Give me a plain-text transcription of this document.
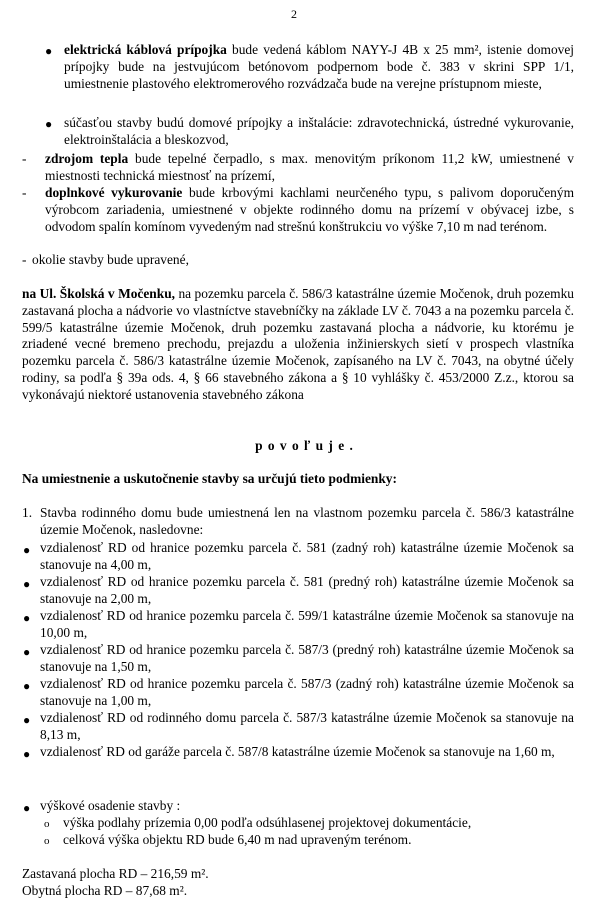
2
● elektrická káblová prípojka bude vedená káblom NAYY-J 4B x 25 mm², istenie domovej prípojky bude na jestvujúcom betónovom podpernom bode č. 383 v skrini SPP 1/1, umiestnenie plastového elektromerového rozvádzača bude na verejne prístupnom mieste,
● súčasťou stavby budú domové prípojky a inštalácie: zdravotechnická, ústredné vykurovanie, elektroinštalácia a bleskozvod,
- zdrojom tepla bude tepelné čerpadlo, s max. menovitým príkonom 11,2 kW, umiestnené v miestnosti technická miestnosť na prízemí,
- doplnkové vykurovanie bude krbovými kachlami neurčeného typu, s palivom doporučeným výrobcom zariadenia, umiestnené v objekte rodinného domu na prízemí v obývacej izbe, s odvodom spalín komínom vyvedeným nad strešnú konštrukciu vo výške 7,10 m nad terénom.
- okolie stavby bude upravené,
na Ul. Školská v Močenku, na pozemku parcela č. 586/3 katastrálne územie Močenok, druh pozemku zastavaná plocha a nádvorie vo vlastníctve stavebníčky na základe LV č. 7043 a na pozemku parcela č. 599/5 katastrálne územie Močenok, druh pozemku zastavaná plocha a nádvorie, ku ktorému je zriadené vecné bremeno prechodu, prejazdu a uloženia inžinierskych sietí v prospech vlastníka pozemku parcela č. 586/3 katastrálne územie Močenok, zapísaného na LV č. 7043, na obytné účely rodiny, sa podľa § 39a ods. 4, § 66 stavebného zákona a § 10 vyhlášky č. 453/2000 Z.z., ktorou sa vykonávajú niektoré ustanovenia stavebného zákona
p o v o ľ u j e .
Na umiestnenie a uskutočnenie stavby sa určujú tieto podmienky:
1. Stavba rodinného domu bude umiestnená len na vlastnom pozemku parcela č. 586/3 katastrálne územie Močenok, nasledovne:
● vzdialenosť RD od hranice pozemku parcela č. 581 (zadný roh) katastrálne územie Močenok sa stanovuje na 4,00 m,
● vzdialenosť RD od hranice pozemku parcela č. 581 (predný roh) katastrálne územie Močenok sa stanovuje na 2,00 m,
● vzdialenosť RD od hranice pozemku parcela č. 599/1 katastrálne územie Močenok sa stanovuje na 10,00 m,
● vzdialenosť RD od hranice pozemku parcela č. 587/3 (predný roh) katastrálne územie Močenok sa stanovuje na 1,50 m,
● vzdialenosť RD od hranice pozemku parcela č. 587/3 (zadný roh) katastrálne územie Močenok sa stanovuje na 1,00 m,
● vzdialenosť RD od rodinného domu parcela č. 587/3 katastrálne územie Močenok sa stanovuje na 8,13 m,
● vzdialenosť RD od garáže parcela č. 587/8 katastrálne územie Močenok sa stanovuje na 1,60 m,
● výškové osadenie stavby :
o výška podlahy prízemia 0,00 podľa odsúhlasenej projektovej dokumentácie,
o celková výška objektu RD bude 6,40 m nad upraveným terénom.
Zastavaná plocha RD – 216,59 m².
Obytná plocha RD – 87,68 m².
